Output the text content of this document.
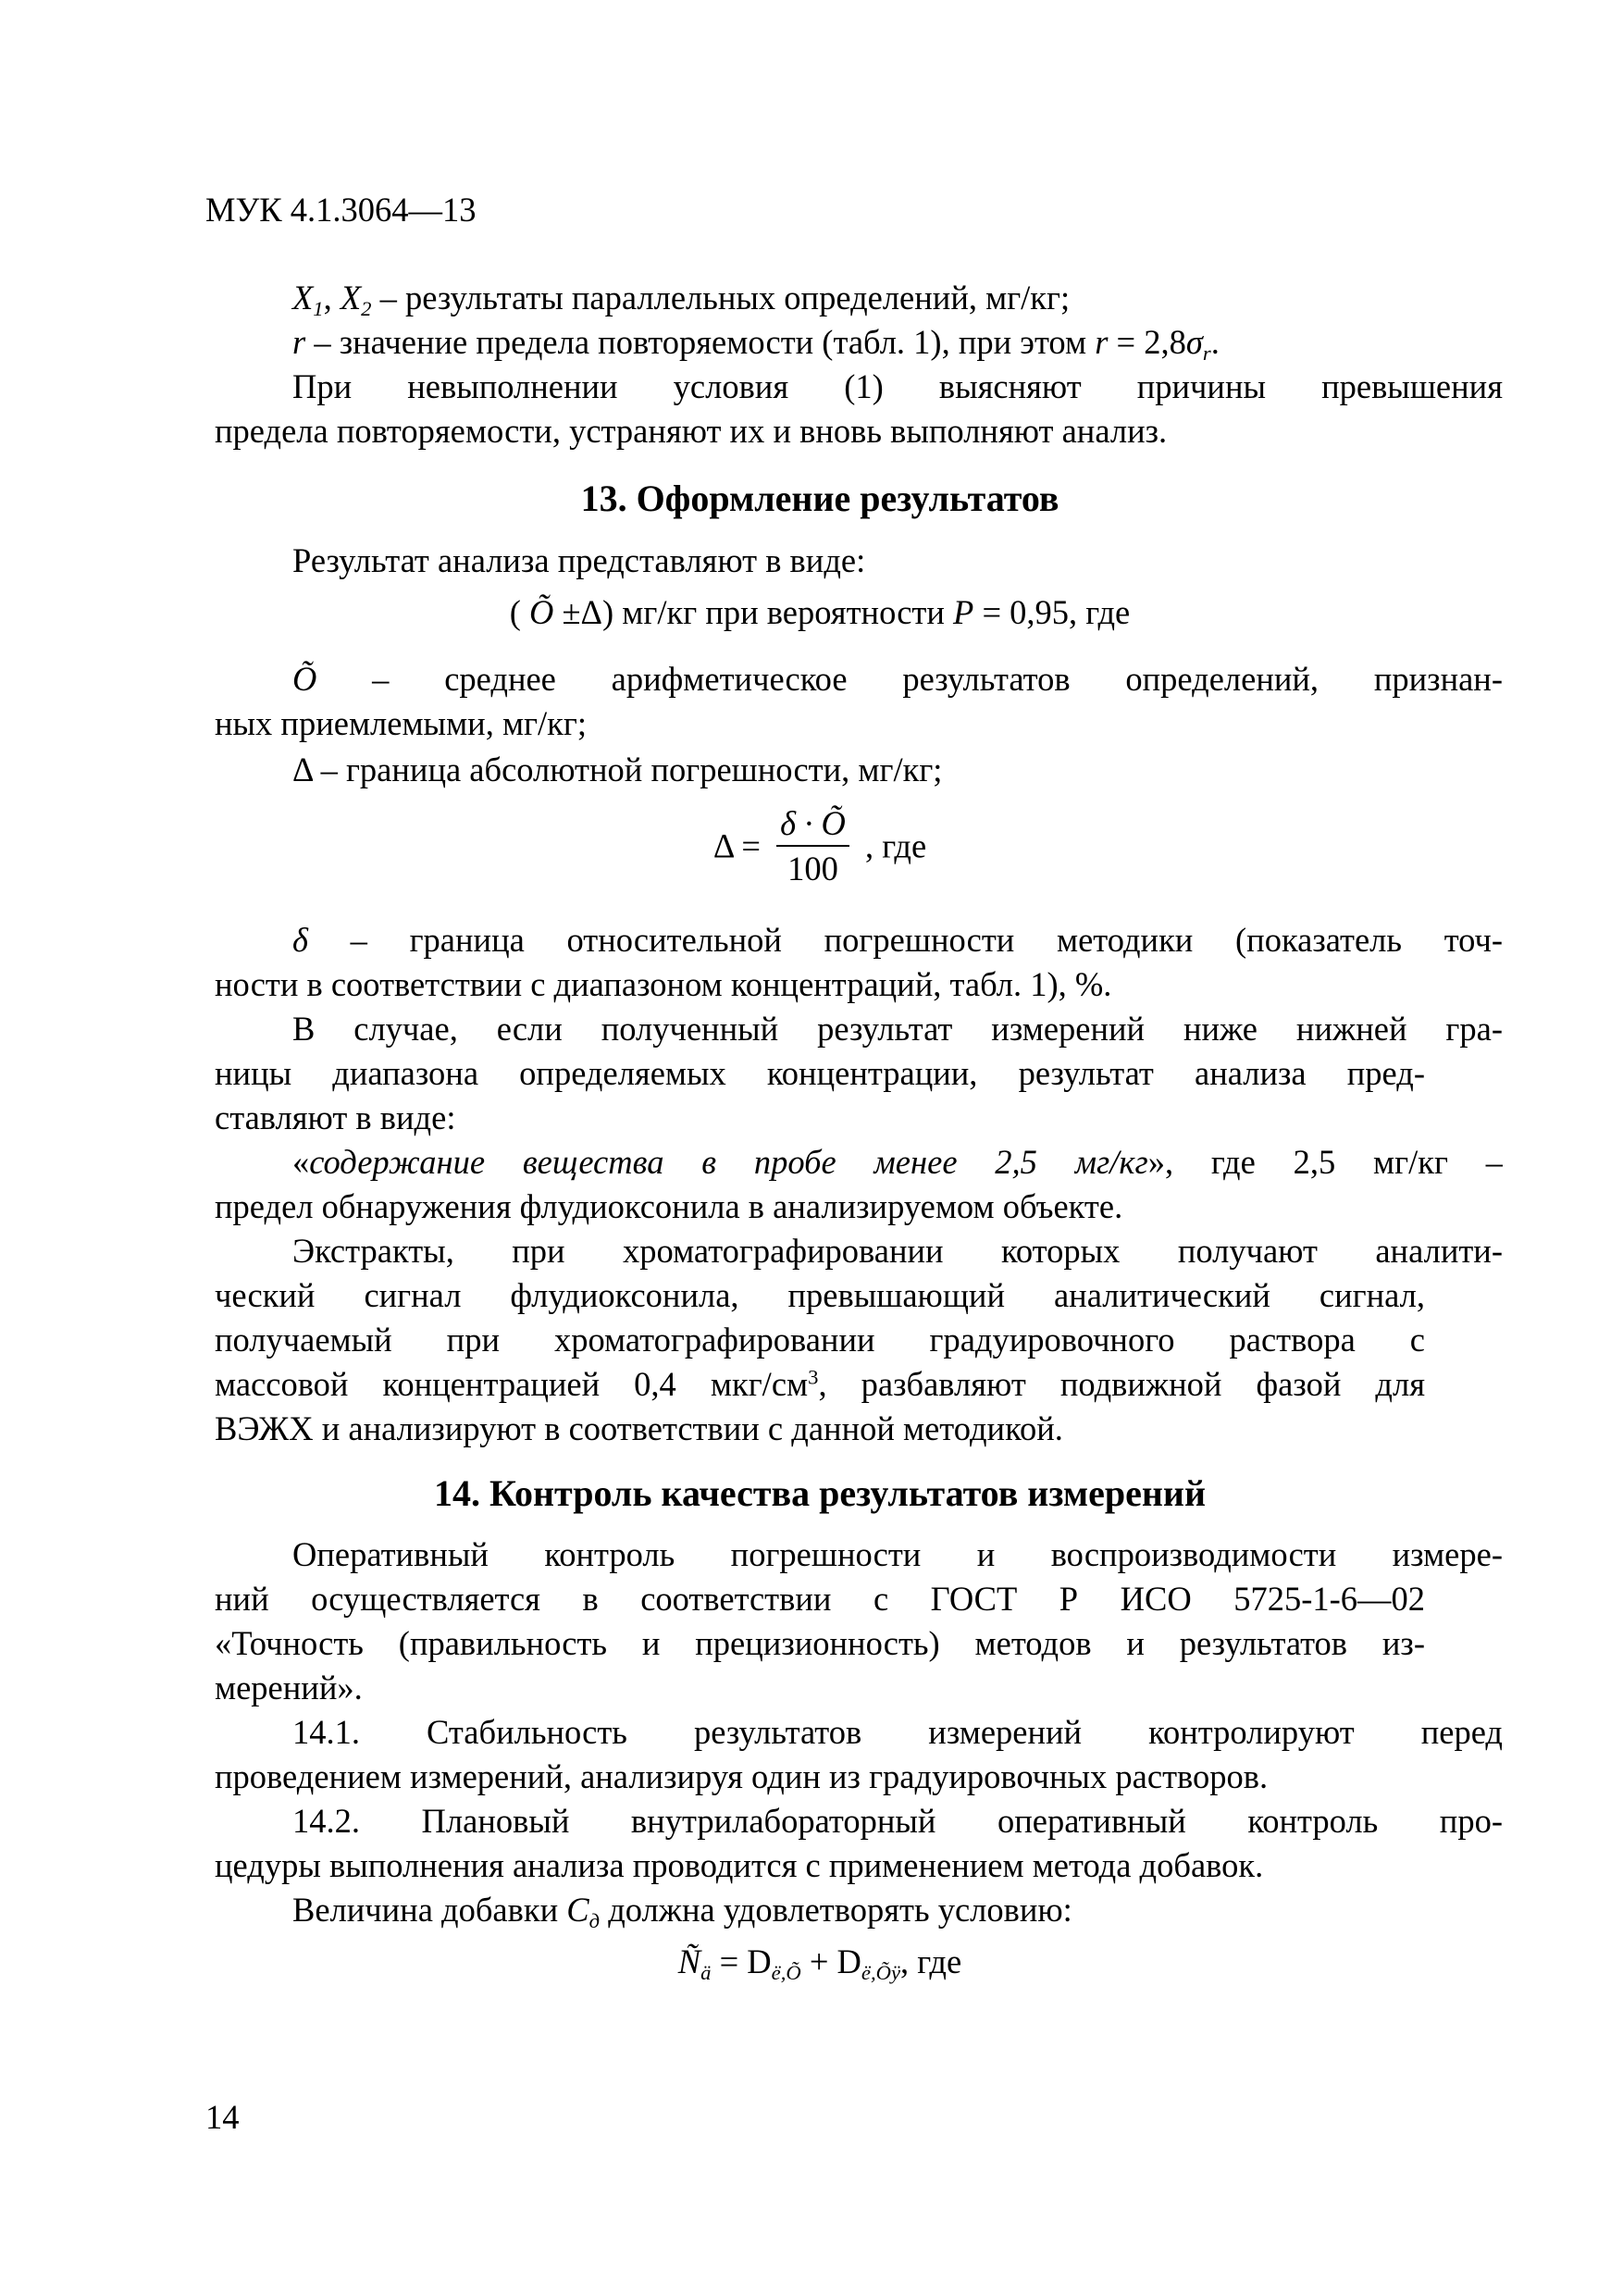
МУК 4.1.3064—13
$X_1$, $X_2$ – результаты параллельных определений, мг/кг;
r – значение предела повторяемости (табл. 1), при этом $r = 2,8\sigma_r$.
При невыполнении условия (1) выясняют причины превышения
предела повторяемости, устраняют их и вновь выполняют анализ.
13. Оформление результатов
Результат анализа представляют в виде:
( Õ ±Δ) мг/кг при вероятности P = 0,95, где
Õ – среднее арифметическое результатов определений, признан-
ных приемлемыми, мг/кг;
Δ – граница абсолютной погрешности, мг/кг;
$\Delta = \frac{\delta \cdot Õ}{100}$ , где
δ – граница относительной погрешности методики (показатель точ-
ности в соответствии с диапазоном концентраций, табл. 1), %.
В случае, если полученный результат измерений ниже нижней гра-
ницы диапазона определяемых концентрации, результат анализа пред-
ставляют в виде:
«содержание вещества в пробе менее 2,5 мг/кг», где 2,5 мг/кг –
предел обнаружения флудиоксонила в анализируемом объекте.
Экстракты, при хроматографировании которых получают аналити-
ческий сигнал флудиоксонила, превышающий аналитический сигнал,
получаемый при хроматографировании градуировочного раствора с
массовой концентрацией 0,4 мкг/$см^3$, разбавляют подвижной фазой для
ВЭЖХ и анализируют в соответствии с данной методикой.
14. Контроль качества результатов измерений
Оперативный контроль погрешности и воспроизводимости измере-
ний осуществляется в соответствии с ГОСТ Р ИСО 5725-1-6—02
«Точность (правильность и прецизионность) методов и результатов из-
мерений».
14.1. Стабильность результатов измерений контролируют перед
проведением измерений, анализируя один из градуировочных растворов.
14.2. Плановый внутрилабораторный оперативный контроль про-
цедуры выполнения анализа проводится с применением метода добавок.
Величина добавки $C_д$ должна удовлетворять условию:
$Ñ_ä = D_{ë,Õ} + D_{ë,Õÿ}$, где
14
